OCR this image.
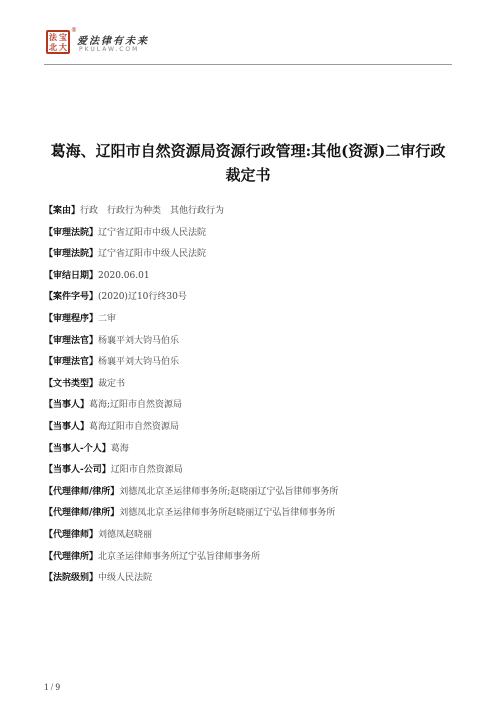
法 宝
北 大
®
爱法律有未来
PKULAW.COM
葛海、辽阳市自然资源局资源行政管理:其他(资源)二审行政
裁定书
【案由】行政　行政行为种类　其他行政行为
【审理法院】辽宁省辽阳市中级人民法院
【审理法院】辽宁省辽阳市中级人民法院
【审结日期】2020.06.01
【案件字号】(2020)辽10行终30号
【审理程序】二审
【审理法官】杨襄平刘大钧马伯乐
【审理法官】杨襄平刘大钧马伯乐
【文书类型】裁定书
【当事人】葛海;辽阳市自然资源局
【当事人】葛海辽阳市自然资源局
【当事人-个人】葛海
【当事人-公司】辽阳市自然资源局
【代理律师/律所】刘德凤北京圣运律师事务所;赵晓丽辽宁弘旨律师事务所
【代理律师/律所】刘德凤北京圣运律师事务所赵晓丽辽宁弘旨律师事务所
【代理律师】刘德凤赵晓丽
【代理律所】北京圣运律师事务所辽宁弘旨律师事务所
【法院级别】中级人民法院
1 / 9
